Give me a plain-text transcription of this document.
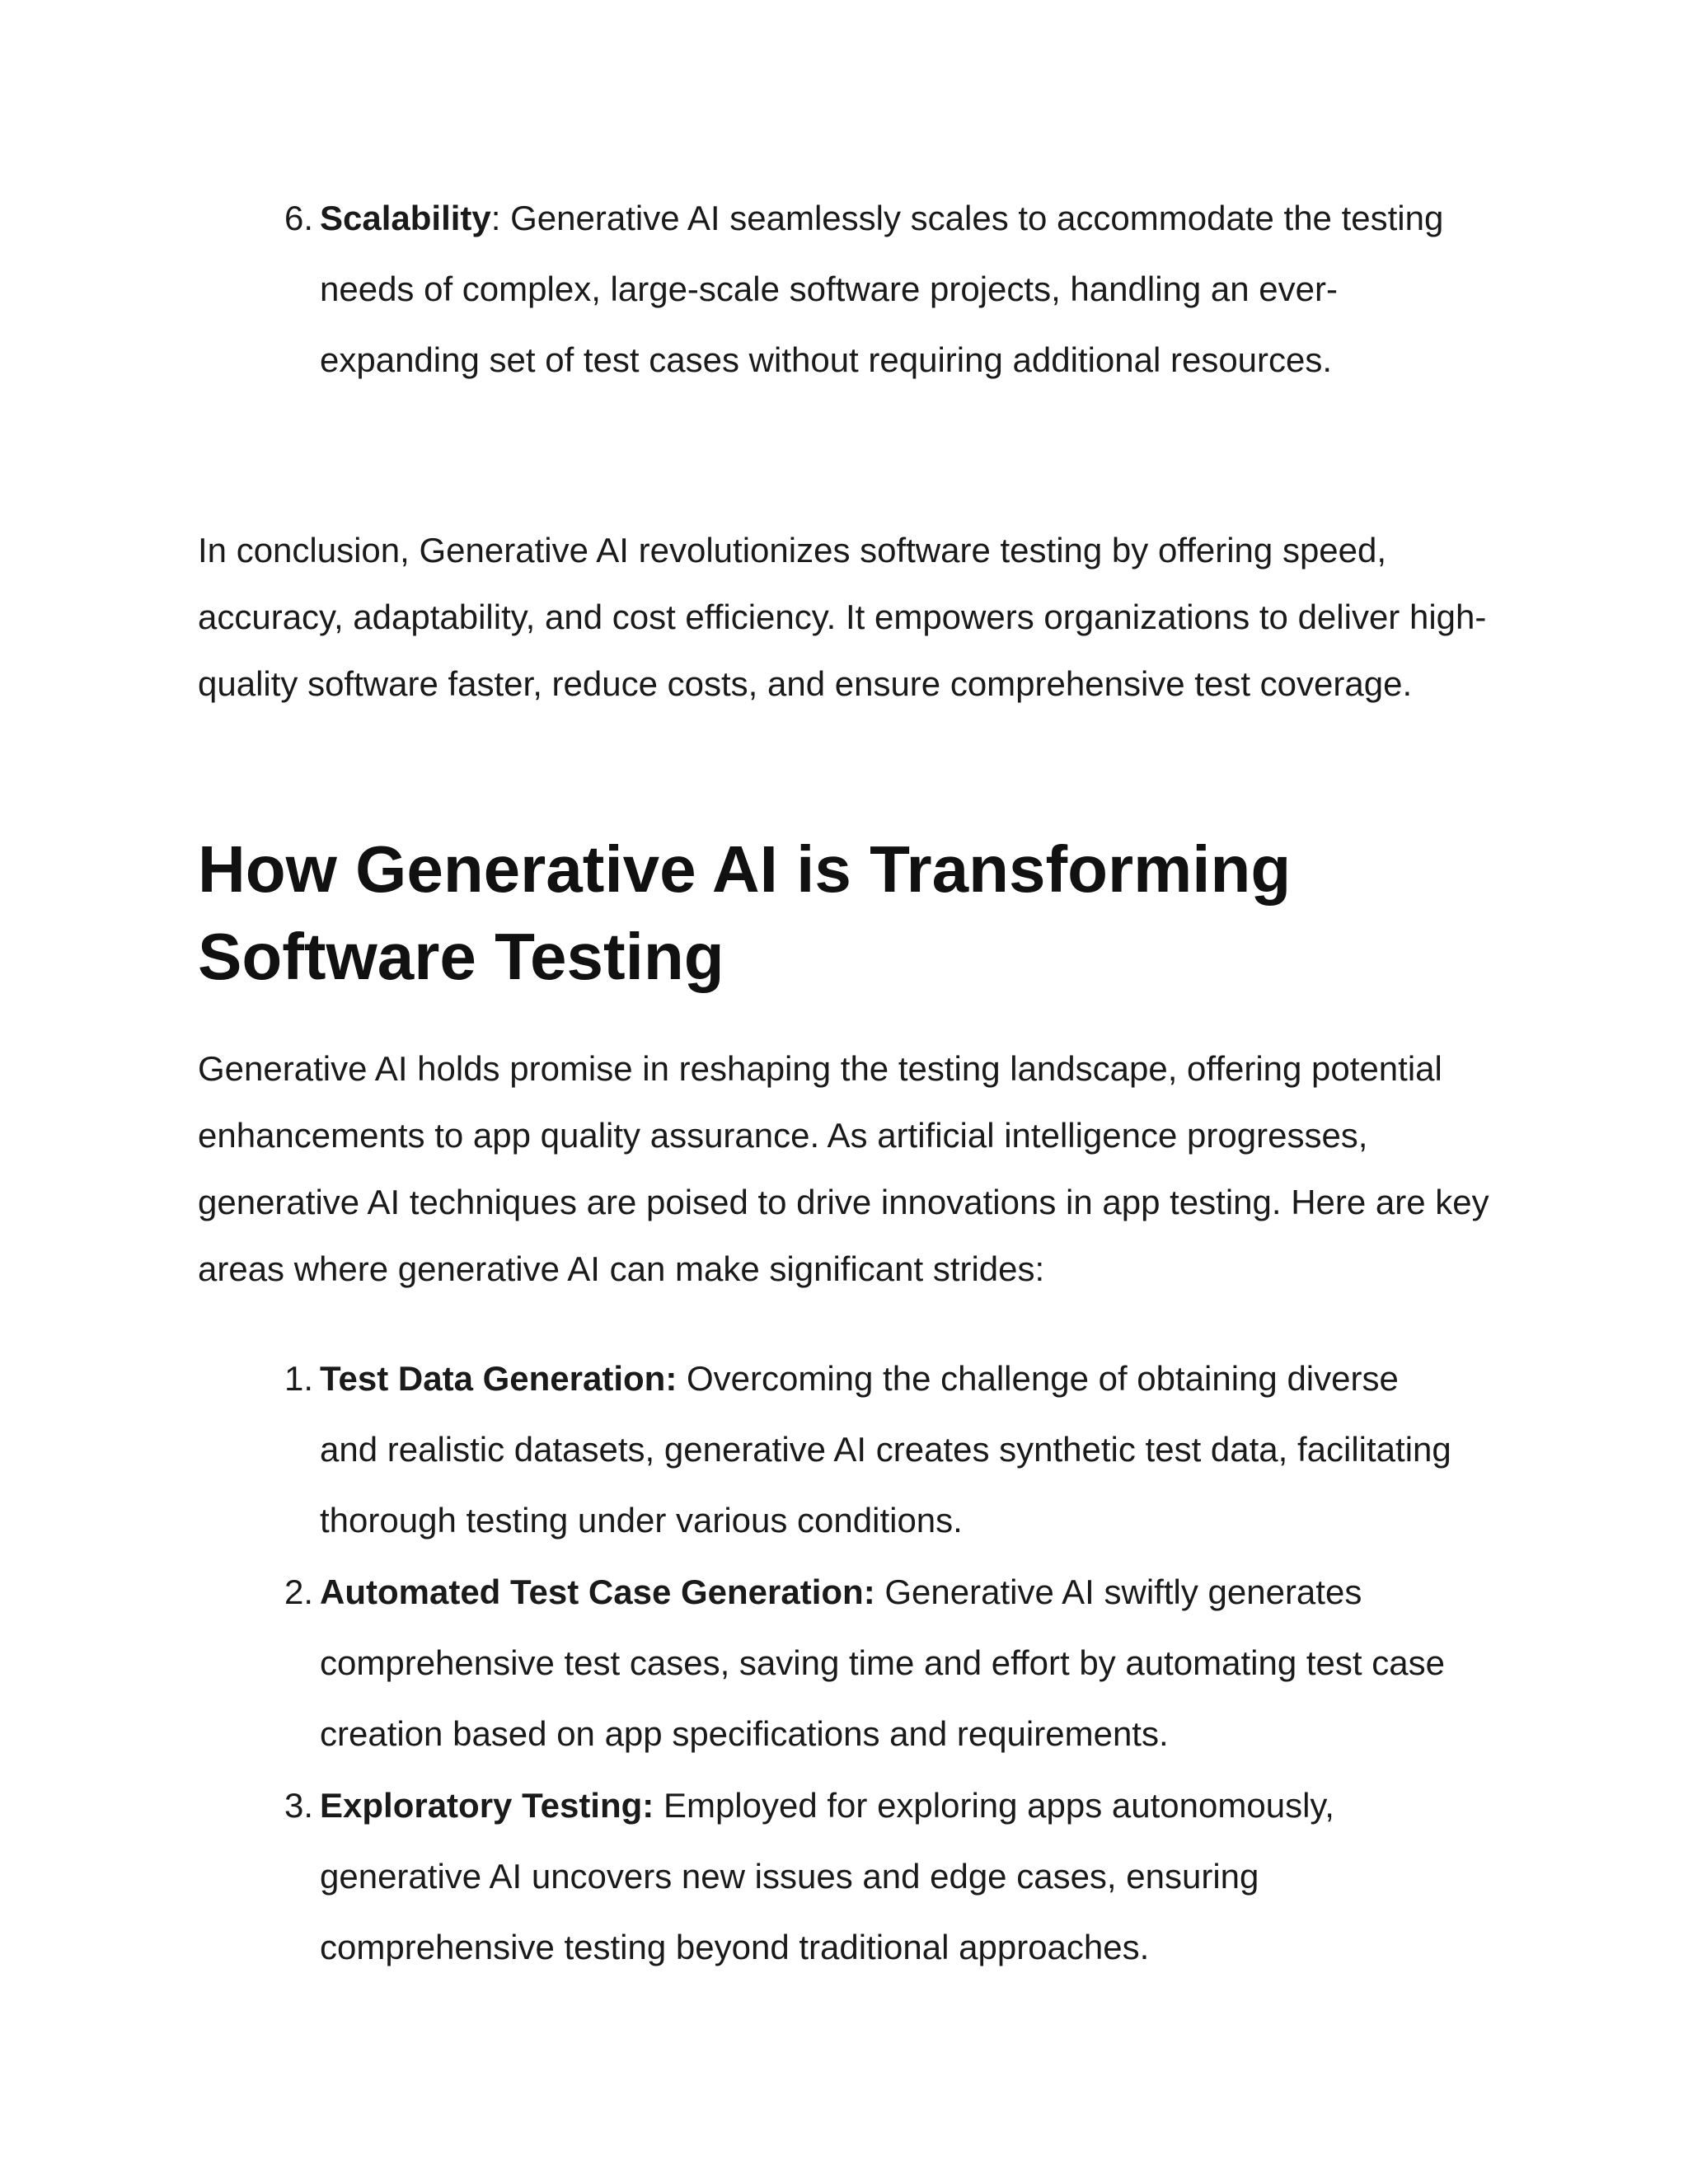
6. Scalability: Generative AI seamlessly scales to accommodate the testing needs of complex, large-scale software projects, handling an ever-expanding set of test cases without requiring additional resources.

In conclusion, Generative AI revolutionizes software testing by offering speed, accuracy, adaptability, and cost efficiency. It empowers organizations to deliver high-quality software faster, reduce costs, and ensure comprehensive test coverage.

How Generative AI is Transforming Software Testing

Generative AI holds promise in reshaping the testing landscape, offering potential enhancements to app quality assurance. As artificial intelligence progresses, generative AI techniques are poised to drive innovations in app testing. Here are key areas where generative AI can make significant strides:

1. Test Data Generation: Overcoming the challenge of obtaining diverse and realistic datasets, generative AI creates synthetic test data, facilitating thorough testing under various conditions.
2. Automated Test Case Generation: Generative AI swiftly generates comprehensive test cases, saving time and effort by automating test case creation based on app specifications and requirements.
3. Exploratory Testing: Employed for exploring apps autonomously, generative AI uncovers new issues and edge cases, ensuring comprehensive testing beyond traditional approaches.
